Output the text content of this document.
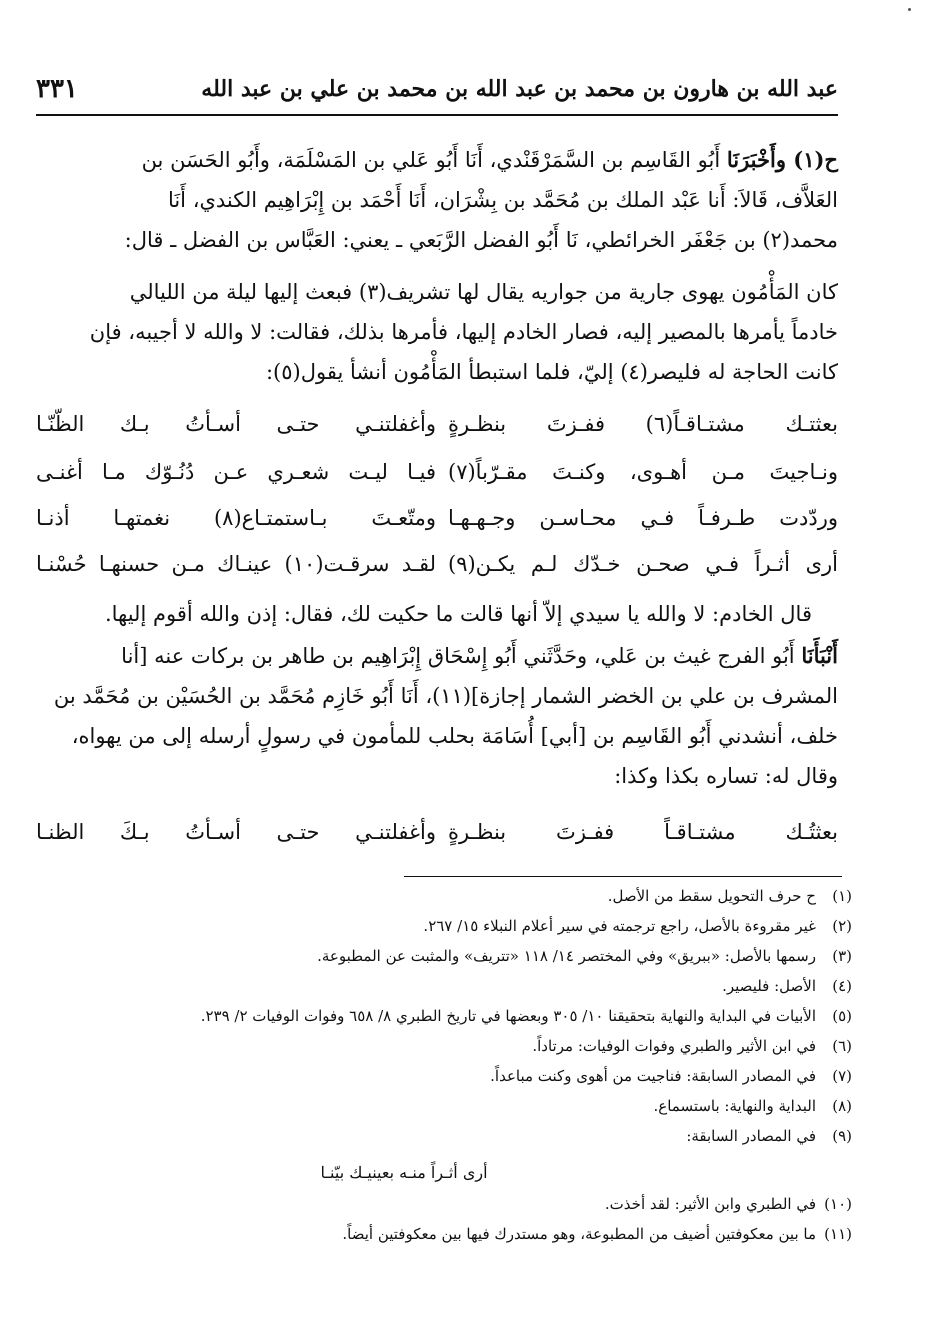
٣٣١	عبد الله بن هارون بن محمد بن عبد الله بن محمد بن علي بن عبد الله

ح(١) وأَخْبَرَنَا أَبُو القَاسِم بن السَّمَرْقَنْدي، أَنَا أَبُو عَلي بن المَسْلَمَة، وأَبُو الحَسَن بن

العَلاَّف، قَالاَ: أَنا عَبْد الملك بن مُحَمَّد بن بِشْرَان، أَنَا أَحْمَد بن إِبْرَاهِيم الكندي، أَنَا

محمد(٢) بن جَعْفَر الخرائطي، نَا أَبُو الفضل الرَّبَعي ـ يعني: العَبَّاس بن الفضل ـ قال:

كان المَأْمُون يهوى جارية من جواريه يقال لها تشريف(٣) فبعث إليها ليلة من الليالي

خادماً يأمرها بالمصير إليه، فصار الخادم إليها، فأمرها بذلك، فقالت: لا والله لا أجيبه، فإن

كانت الحاجة له فليصر(٤) إليّ، فلما استبطأ المَأْمُون أنشأ يقول(٥):

بعثتـك مشتـاقـاً(٦) ففـزتَ بنظـرةٍ
وأغفلتنـي حتـى أسـأتُ بـك الظّنّـا
ونـاجيتَ مـن أهـوى، وكنـتَ مقـرّباً(٧)
فيـا ليـت شعـري عـن دُنُـوّك مـا أغنـى
وردّدت طـرفـاً فـي محـاسـن وجـهـهـا
ومتّعـتَ بـاستمتـاع(٨) نغمتهـا أذنـا
أرى أثـراً فـي صحـن خـدّك لـم يكـن(٩)
لقـد سرقـت(١٠) عينـاك مـن حسنهـا حُسْنـا

قال الخادم: لا والله يا سيدي إلاّ أنها قالت ما حكيت لك، فقال: إذن والله أقوم إليها.

أَنْبَأَنَا أَبُو الفرج غيث بن عَلي، وحَدَّثَني أَبُو إِسْحَاق إِبْرَاهِيم بن طاهر بن بركات عنه [أنا

المشرف بن علي بن الخضر الشمار إجازة](١١)، أَنَا أَبُو خَازِم مُحَمَّد بن الحُسَيْن بن مُحَمَّد بن

خلف، أنشدني أَبُو القَاسِم بن [أبي] أُسَامَة بحلب للمأمون في رسولٍ أرسله إلى من يهواه،

وقال له: تساره بكذا وكذا:

بعثتُـك مشتـاقـاً ففـزتَ بنظـرةٍ
وأغفلتنـي حتـى أسـأتُ بـكَ الظنـا
(١)
ح حرف التحويل سقط من الأصل.
(٢)
غير مقروءة بالأصل، راجع ترجمته في سير أعلام النبلاء ١٥/ ٢٦٧.
(٣)
رسمها بالأصل: «ببريق» وفي المختصر ١٤/ ١١٨ «تتريف» والمثبت عن المطبوعة.
(٤)
الأصل: فليصير.
(٥)
الأبيات في البداية والنهاية بتحقيقنا ١٠/ ٣٠٥ وبعضها في تاريخ الطبري ٨/ ٦٥٨ وفوات الوفيات ٢/ ٢٣٩.
(٦)
في ابن الأثير والطبري وفوات الوفيات: مرتاداً.
(٧)
في المصادر السابقة: فناجيت من أهوى وكنت مباعداً.
(٨)
البداية والنهاية: باستسماع.
(٩)
في المصادر السابقة:
أرى أثـراً منـه بعينيـك بيّنـا
(١٠)
في الطبري وابن الأثير: لقد أخذت.
(١١)
ما بين معكوفتين أضيف من المطبوعة، وهو مستدرك فيها بين معكوفتين أيضاً.
